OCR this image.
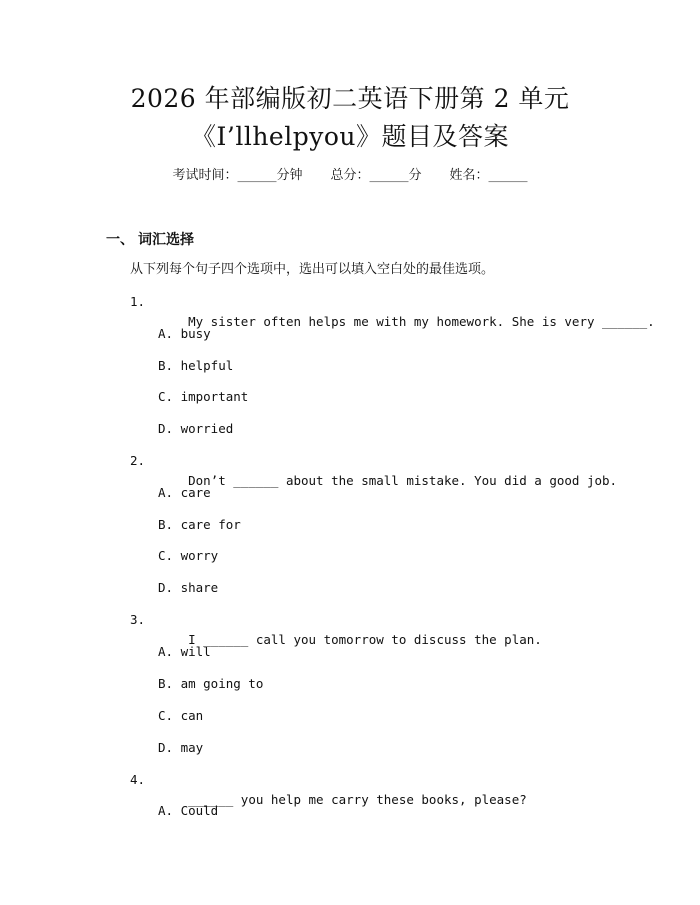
2026 年部编版初二英语下册第 2 单元
《I’llhelpyou》题目及答案
考试时间：______分钟 总分：______分 姓名：______
一、 词汇选择
从下列每个句子四个选项中，选出可以填入空白处的最佳选项。

1.
My sister often helps me with my homework. She is very ______.

A. busy
B. helpful
C. important
D. worried

2.
Don’t ______ about the small mistake. You did a good job.

A. care
B. care for
C. worry
D. share

3.
I ______ call you tomorrow to discuss the plan.

A. will
B. am going to
C. can
D. may

4.
______ you help me carry these books, please?

A. Could
